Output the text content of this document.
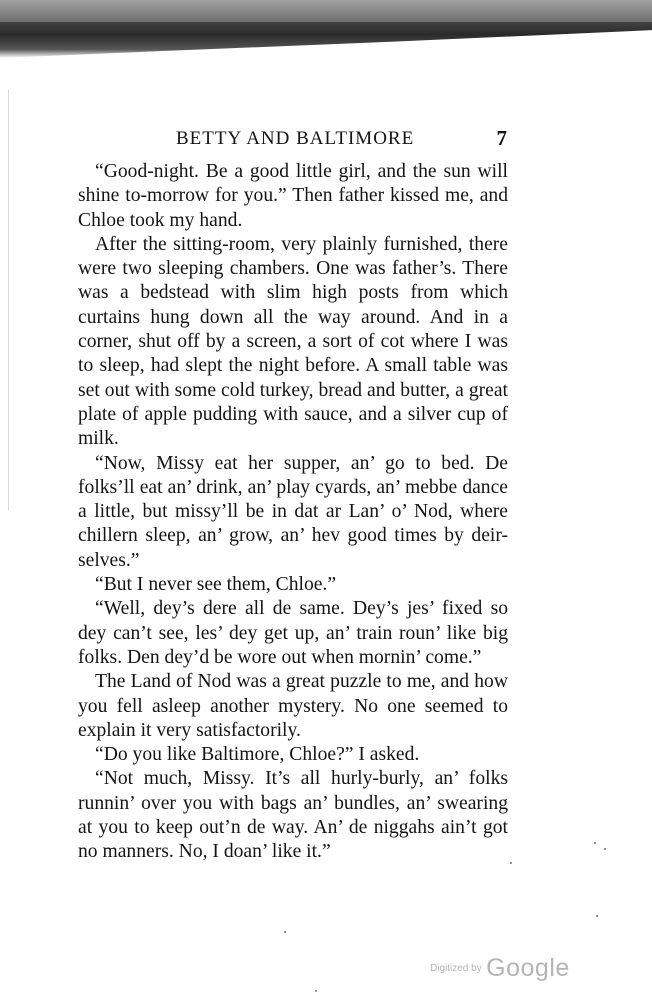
BETTY AND BALTIMORE	7

“Good-night. Be a good little girl, and the sun will shine to-morrow for you.” Then father kissed me, and Chloe took my hand.

After the sitting-room, very plainly furnished, there were two sleeping chambers. One was father’s. There was a bedstead with slim high posts from which curtains hung down all the way around. And in a corner, shut off by a screen, a sort of cot where I was to sleep, had slept the night before. A small table was set out with some cold turkey, bread and butter, a great plate of apple pudding with sauce, and a silver cup of milk.

“Now, Missy eat her supper, an’ go to bed. De folks’ll eat an’ drink, an’ play cyards, an’ mebbe dance a little, but missy’ll be in dat ar Lan’ o’ Nod, where chillern sleep, an’ grow, an’ hev good times by deir-selves.”

“But I never see them, Chloe.”

“Well, dey’s dere all de same. Dey’s jes’ fixed so dey can’t see, les’ dey get up, an’ train roun’ like big folks. Den dey’d be wore out when mornin’ come.”

The Land of Nod was a great puzzle to me, and how you fell asleep another mystery. No one seemed to explain it very satisfactorily.

“Do you like Baltimore, Chloe?” I asked.

“Not much, Missy. It’s all hurly-burly, an’ folks runnin’ over you with bags an’ bundles, an’ swearing at you to keep out’n de way. An’ de niggahs ain’t got no manners. No, I doan’ like it.”

Digitized by Google
